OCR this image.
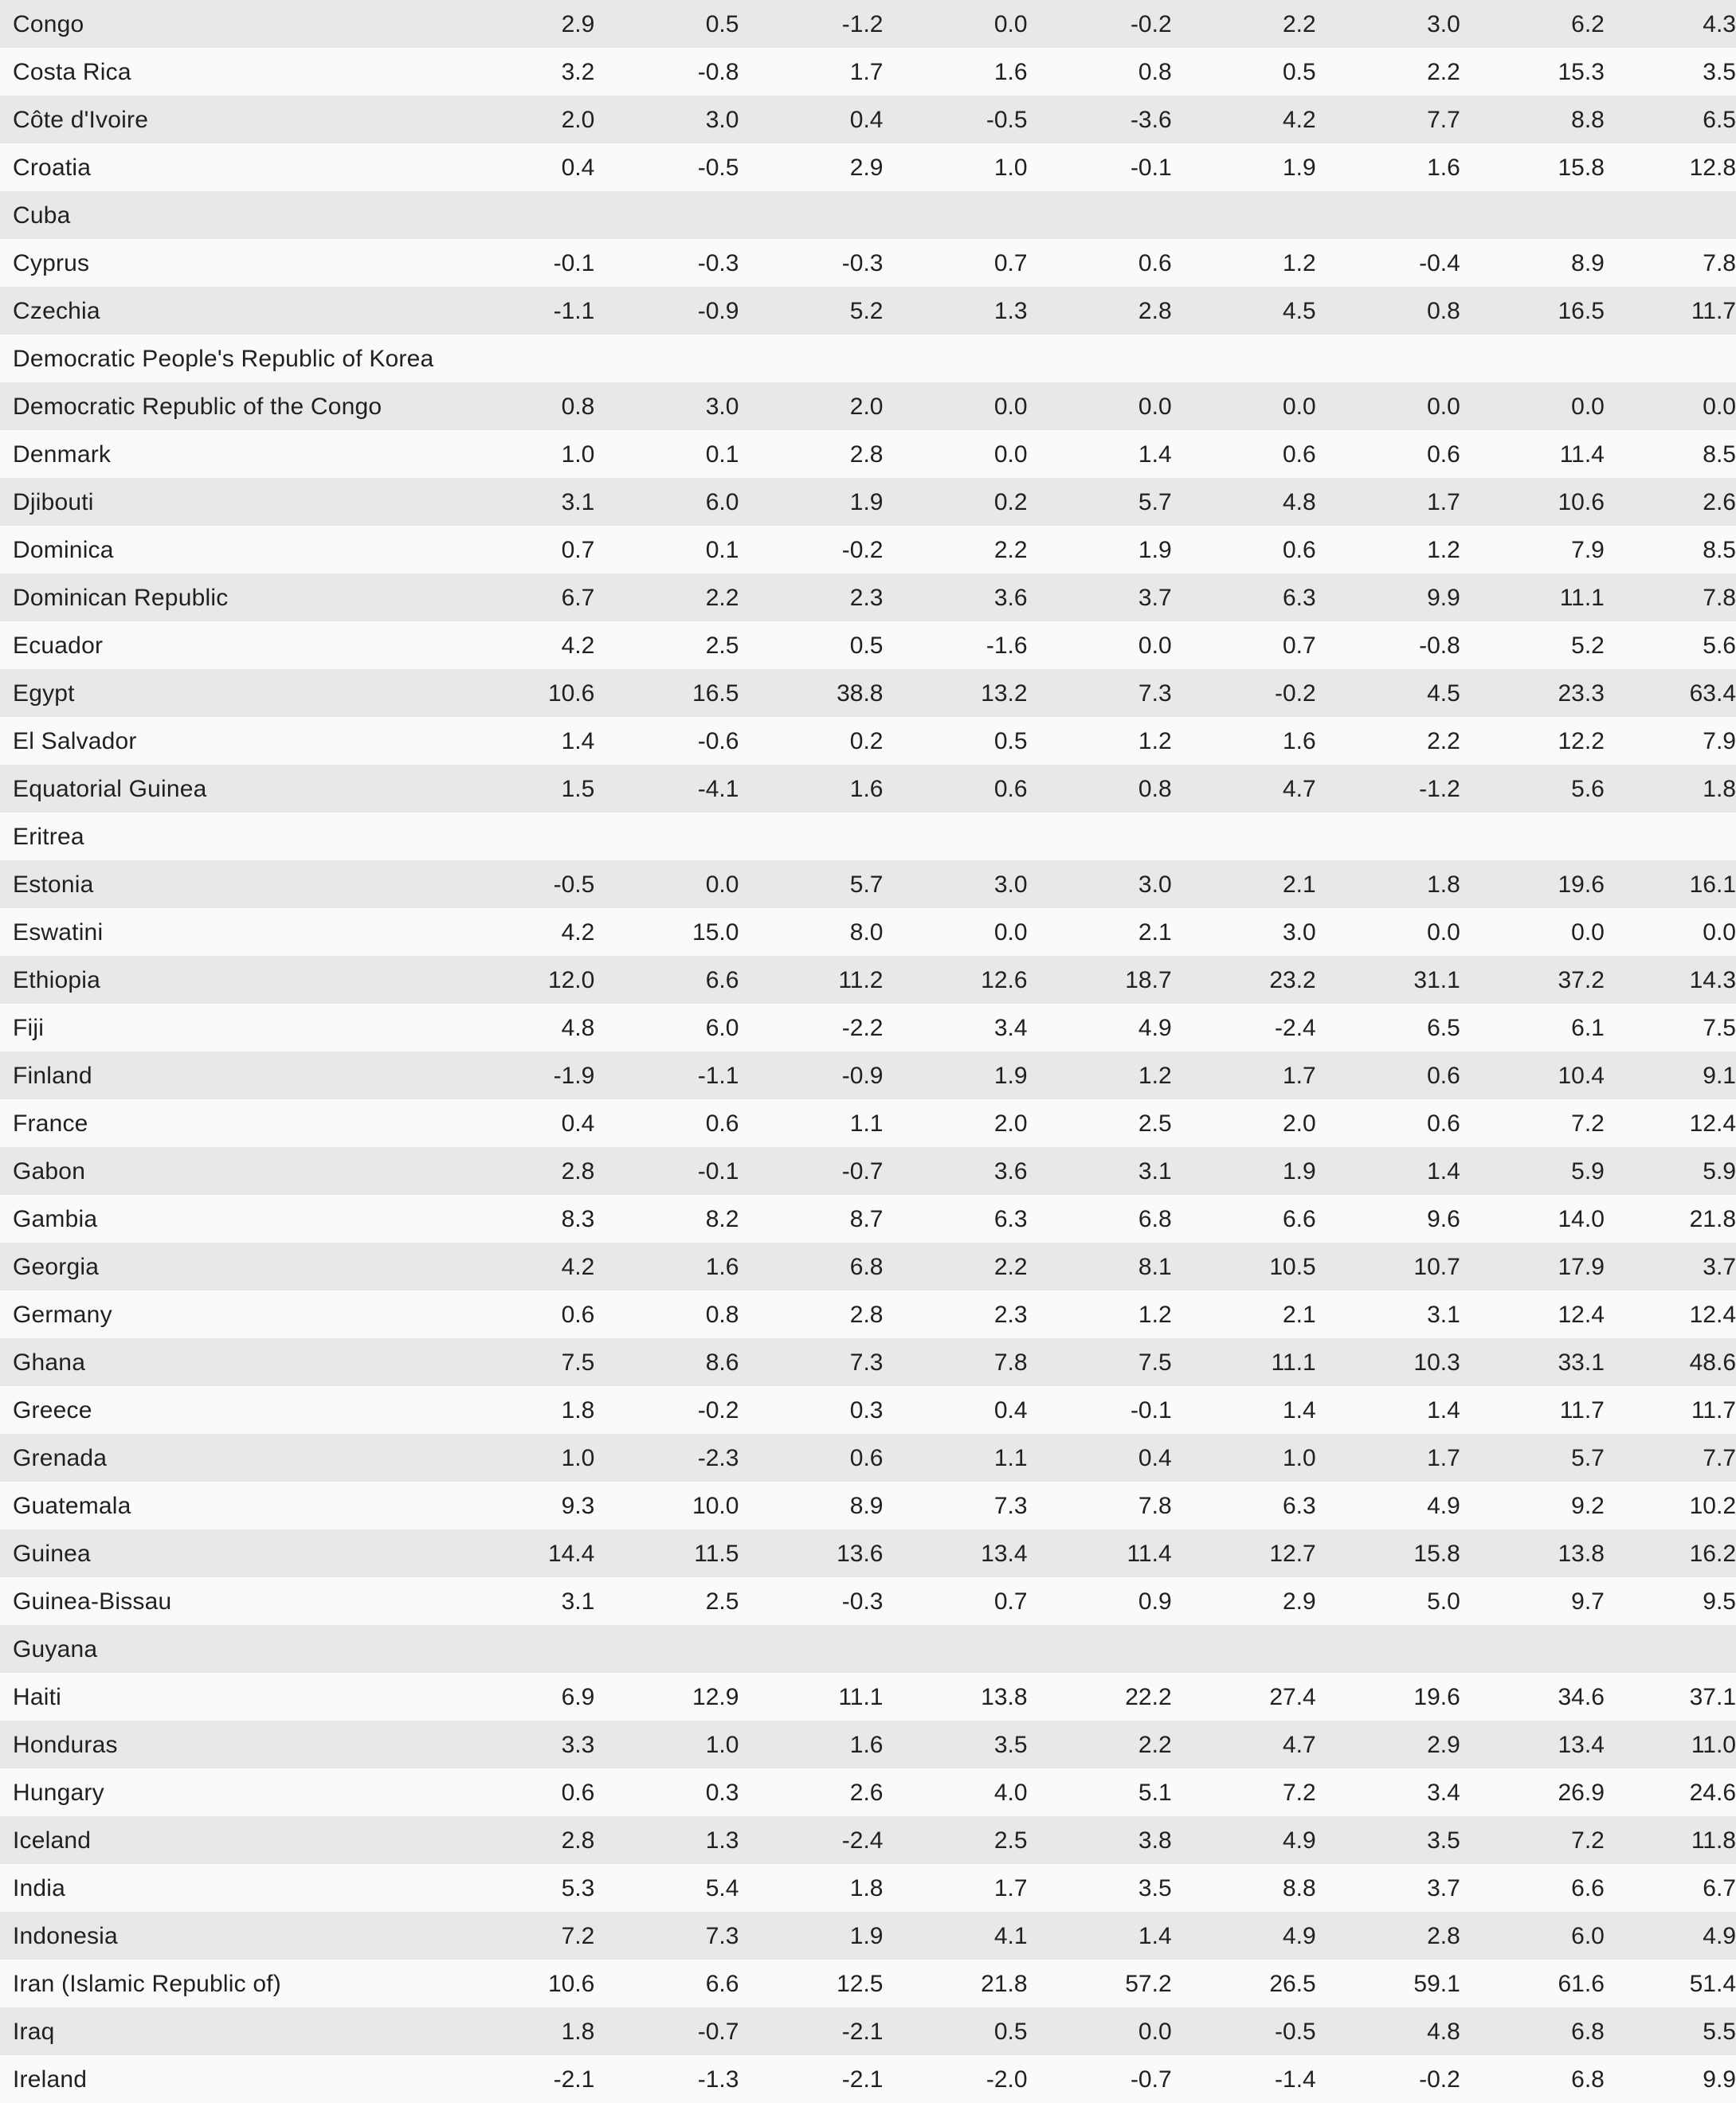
Congo	2.9	0.5	-1.2	0.0	-0.2	2.2	3.0	6.2	4.3
Costa Rica	3.2	-0.8	1.7	1.6	0.8	0.5	2.2	15.3	3.5
Côte d'Ivoire	2.0	3.0	0.4	-0.5	-3.6	4.2	7.7	8.8	6.5
Croatia	0.4	-0.5	2.9	1.0	-0.1	1.9	1.6	15.8	12.8
Cuba									
Cyprus	-0.1	-0.3	-0.3	0.7	0.6	1.2	-0.4	8.9	7.8
Czechia	-1.1	-0.9	5.2	1.3	2.8	4.5	0.8	16.5	11.7
Democratic People's Republic of Korea									
Democratic Republic of the Congo	0.8	3.0	2.0	0.0	0.0	0.0	0.0	0.0	0.0
Denmark	1.0	0.1	2.8	0.0	1.4	0.6	0.6	11.4	8.5
Djibouti	3.1	6.0	1.9	0.2	5.7	4.8	1.7	10.6	2.6
Dominica	0.7	0.1	-0.2	2.2	1.9	0.6	1.2	7.9	8.5
Dominican Republic	6.7	2.2	2.3	3.6	3.7	6.3	9.9	11.1	7.8
Ecuador	4.2	2.5	0.5	-1.6	0.0	0.7	-0.8	5.2	5.6
Egypt	10.6	16.5	38.8	13.2	7.3	-0.2	4.5	23.3	63.4
El Salvador	1.4	-0.6	0.2	0.5	1.2	1.6	2.2	12.2	7.9
Equatorial Guinea	1.5	-4.1	1.6	0.6	0.8	4.7	-1.2	5.6	1.8
Eritrea									
Estonia	-0.5	0.0	5.7	3.0	3.0	2.1	1.8	19.6	16.1
Eswatini	4.2	15.0	8.0	0.0	2.1	3.0	0.0	0.0	0.0
Ethiopia	12.0	6.6	11.2	12.6	18.7	23.2	31.1	37.2	14.3
Fiji	4.8	6.0	-2.2	3.4	4.9	-2.4	6.5	6.1	7.5
Finland	-1.9	-1.1	-0.9	1.9	1.2	1.7	0.6	10.4	9.1
France	0.4	0.6	1.1	2.0	2.5	2.0	0.6	7.2	12.4
Gabon	2.8	-0.1	-0.7	3.6	3.1	1.9	1.4	5.9	5.9
Gambia	8.3	8.2	8.7	6.3	6.8	6.6	9.6	14.0	21.8
Georgia	4.2	1.6	6.8	2.2	8.1	10.5	10.7	17.9	3.7
Germany	0.6	0.8	2.8	2.3	1.2	2.1	3.1	12.4	12.4
Ghana	7.5	8.6	7.3	7.8	7.5	11.1	10.3	33.1	48.6
Greece	1.8	-0.2	0.3	0.4	-0.1	1.4	1.4	11.7	11.7
Grenada	1.0	-2.3	0.6	1.1	0.4	1.0	1.7	5.7	7.7
Guatemala	9.3	10.0	8.9	7.3	7.8	6.3	4.9	9.2	10.2
Guinea	14.4	11.5	13.6	13.4	11.4	12.7	15.8	13.8	16.2
Guinea-Bissau	3.1	2.5	-0.3	0.7	0.9	2.9	5.0	9.7	9.5
Guyana									
Haiti	6.9	12.9	11.1	13.8	22.2	27.4	19.6	34.6	37.1
Honduras	3.3	1.0	1.6	3.5	2.2	4.7	2.9	13.4	11.0
Hungary	0.6	0.3	2.6	4.0	5.1	7.2	3.4	26.9	24.6
Iceland	2.8	1.3	-2.4	2.5	3.8	4.9	3.5	7.2	11.8
India	5.3	5.4	1.8	1.7	3.5	8.8	3.7	6.6	6.7
Indonesia	7.2	7.3	1.9	4.1	1.4	4.9	2.8	6.0	4.9
Iran (Islamic Republic of)	10.6	6.6	12.5	21.8	57.2	26.5	59.1	61.6	51.4
Iraq	1.8	-0.7	-2.1	0.5	0.0	-0.5	4.8	6.8	5.5
Ireland	-2.1	-1.3	-2.1	-2.0	-0.7	-1.4	-0.2	6.8	9.9
